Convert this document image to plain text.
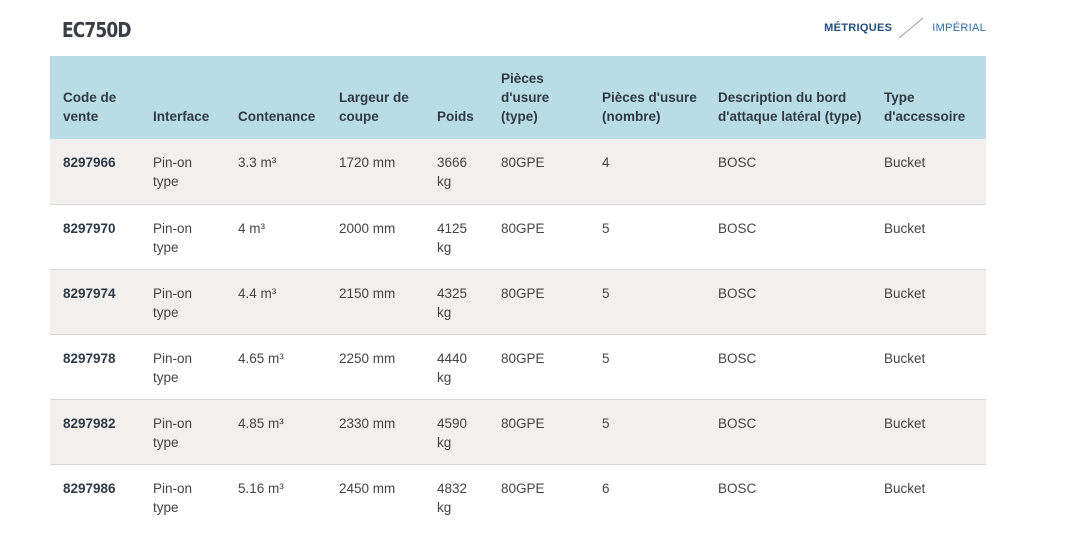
EC750D	MÉTRIQUES	IMPÉRIAL
Code de vente	Interface	Contenance	Largeur de coupe	Poids	Pièces d'usure (type)	Pièces d'usure (nombre)	Description du bord d'attaque latéral (type)	Type d'accessoire
8297966	Pin-on type	3.3 m³	1720 mm	3666 kg	80GPE	4	BOSC	Bucket
8297970	Pin-on type	4 m³	2000 mm	4125 kg	80GPE	5	BOSC	Bucket
8297974	Pin-on type	4.4 m³	2150 mm	4325 kg	80GPE	5	BOSC	Bucket
8297978	Pin-on type	4.65 m³	2250 mm	4440 kg	80GPE	5	BOSC	Bucket
8297982	Pin-on type	4.85 m³	2330 mm	4590 kg	80GPE	5	BOSC	Bucket
8297986	Pin-on type	5.16 m³	2450 mm	4832 kg	80GPE	6	BOSC	Bucket
